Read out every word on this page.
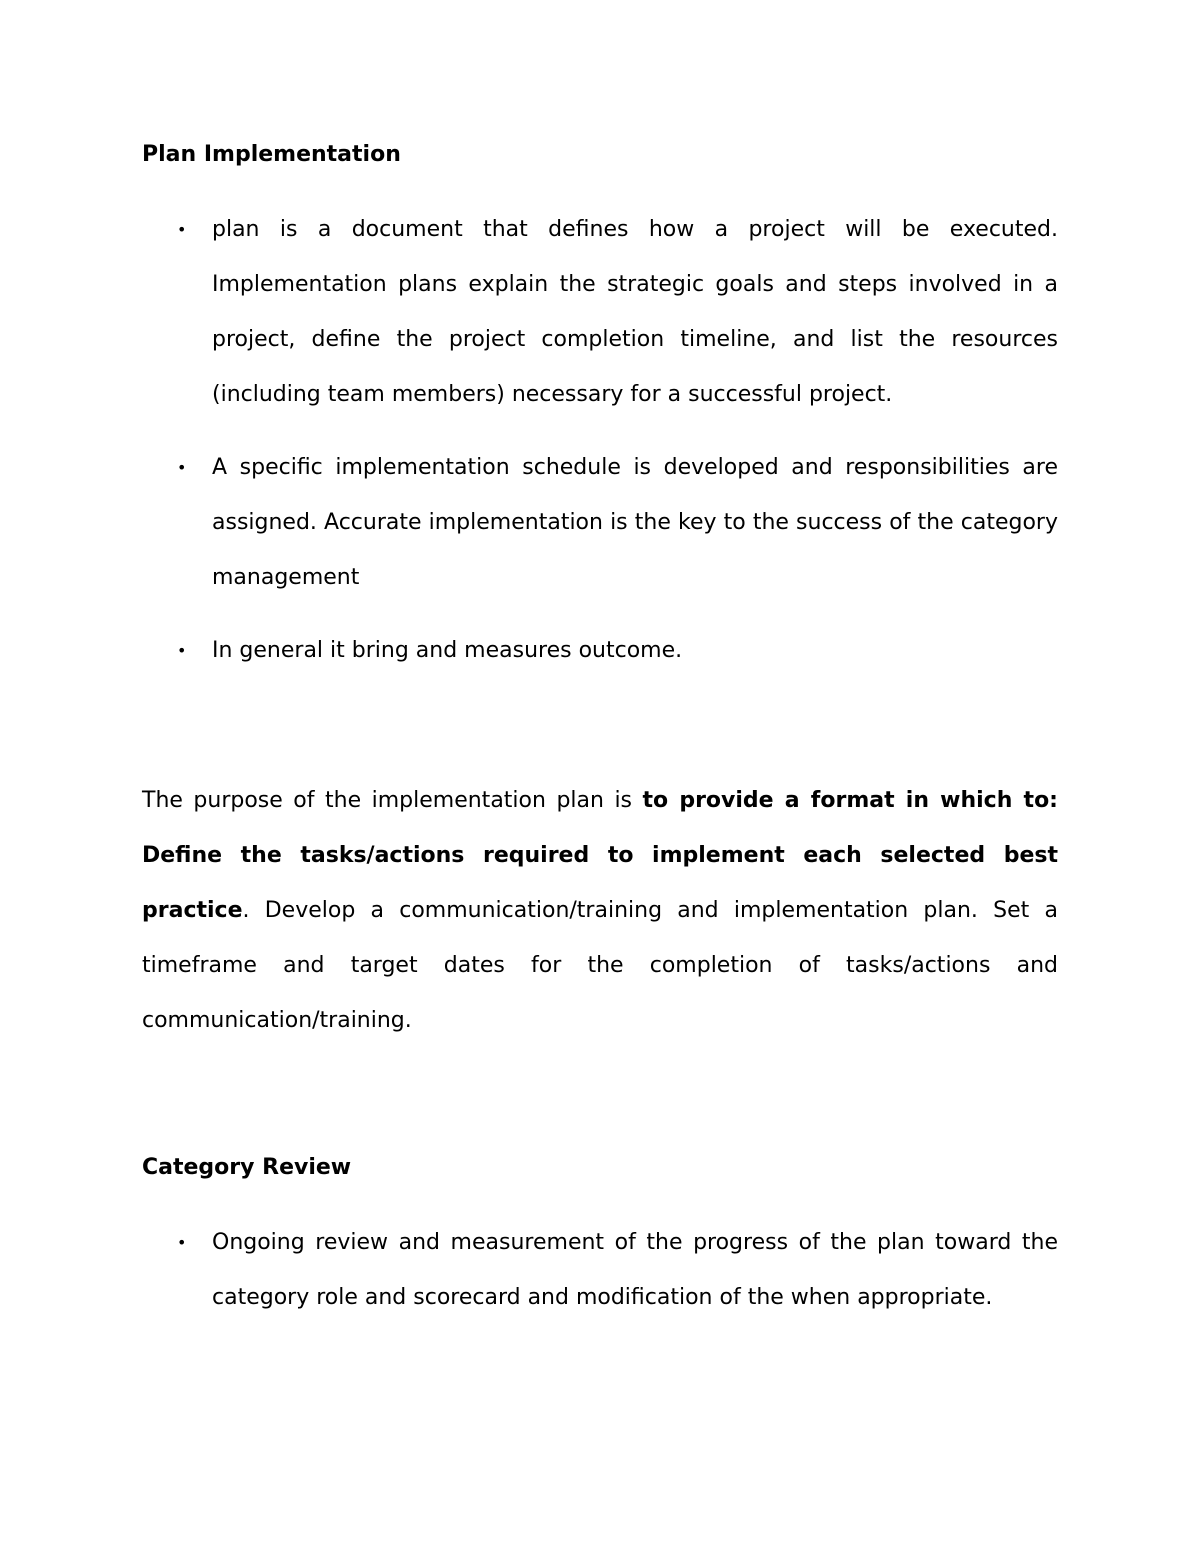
Plan Implementation
• plan is a document that defines how a project will be executed. Implementation plans explain the strategic goals and steps involved in a project, define the project completion timeline, and list the resources (including team members) necessary for a successful project.
• A specific implementation schedule is developed and responsibilities are assigned. Accurate implementation is the key to the success of the category management
• In general it bring and measures outcome.

The purpose of the implementation plan is to provide a format in which to: Define the tasks/actions required to implement each selected best practice. Develop a communication/training and implementation plan. Set a timeframe and target dates for the completion of tasks/actions and communication/training.

Category Review
• Ongoing review and measurement of the progress of the plan toward the category role and scorecard and modification of the when appropriate.
